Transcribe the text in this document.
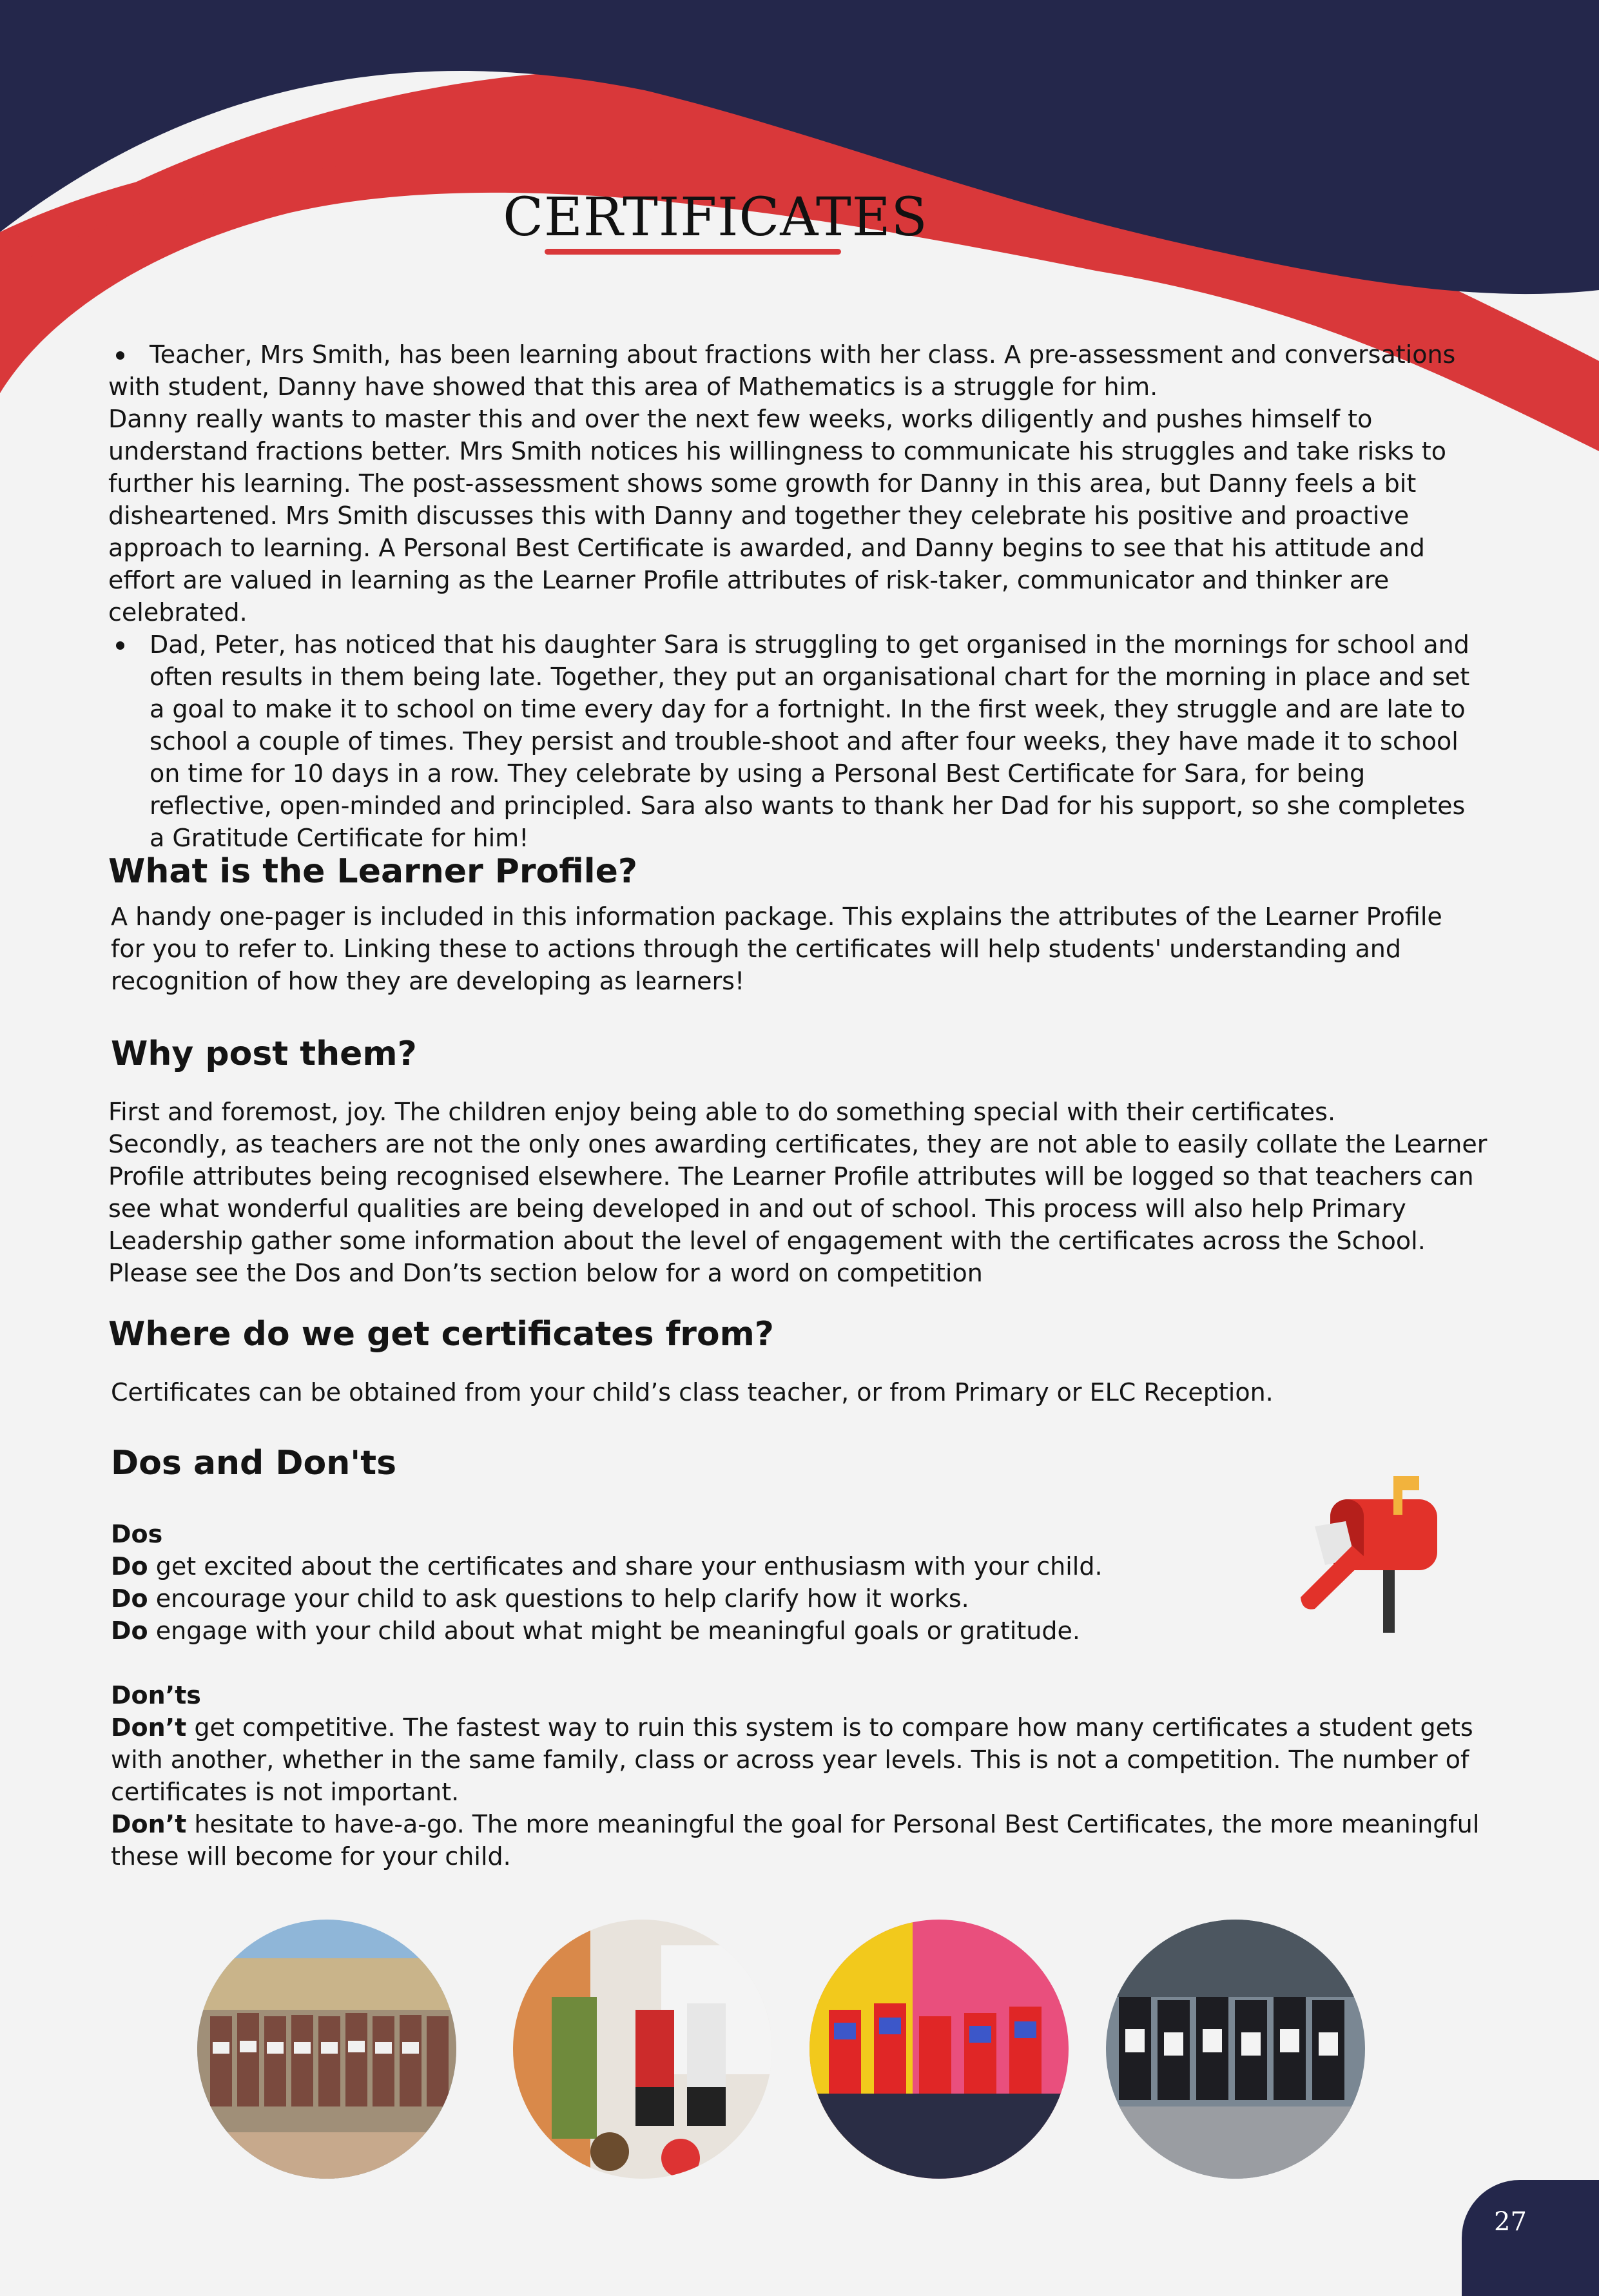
CERTIFICATES
Teacher, Mrs Smith, has been learning about fractions with her class. A pre-assessment and conversations with student, Danny have showed that this area of Mathematics is a struggle for him.
Danny really wants to master this and over the next few weeks, works diligently and pushes himself to understand fractions better. Mrs Smith notices his willingness to communicate his struggles and take risks to further his learning. The post-assessment shows some growth for Danny in this area, but Danny feels a bit disheartened. Mrs Smith discusses this with Danny and together they celebrate his positive and proactive approach to learning. A Personal Best Certificate is awarded, and Danny begins to see that his attitude and effort are valued in learning as the Learner Profile attributes of risk-taker, communicator and thinker are celebrated.
Dad, Peter, has noticed that his daughter Sara is struggling to get organised in the mornings for school and often results in them being late. Together, they put an organisational chart for the morning in place and set a goal to make it to school on time every day for a fortnight. In the first week, they struggle and are late to school a couple of times. They persist and trouble-shoot and after four weeks, they have made it to school on time for 10 days in a row. They celebrate by using a Personal Best Certificate for Sara, for being reflective, open-minded and principled. Sara also wants to thank her Dad for his support, so she completes a Gratitude Certificate for him!
What is the Learner Profile?

A handy one-pager is included in this information package. This explains the attributes of the Learner Profile for you to refer to. Linking these to actions through the certificates will help students' understanding and recognition of how they are developing as learners!

Why post them?
First and foremost, joy. The children enjoy being able to do something special with their certificates.
Secondly, as teachers are not the only ones awarding certificates, they are not able to easily collate the Learner Profile attributes being recognised elsewhere. The Learner Profile attributes will be logged so that teachers can see what wonderful qualities are being developed in and out of school. This process will also help Primary Leadership gather some information about the level of engagement with the certificates across the School. Please see the Dos and Don’ts section below for a word on competition
Where do we get certificates from?

Certificates can be obtained from your child’s class teacher, or from Primary or ELC Reception.

Dos and Don'ts

Dos

Do get excited about the certificates and share your enthusiasm with your child.

Do encourage your child to ask questions to help clarify how it works.

Do engage with your child about what might be meaningful goals or gratitude.

Don’ts

Don’t get competitive. The fastest way to ruin this system is to compare how many certificates a student gets with another, whether in the same family, class or across year levels. This is not a competition. The number of certificates is not important.

Don’t hesitate to have-a-go. The more meaningful the goal for Personal Best Certificates, the more meaningful these will become for your child.

27
